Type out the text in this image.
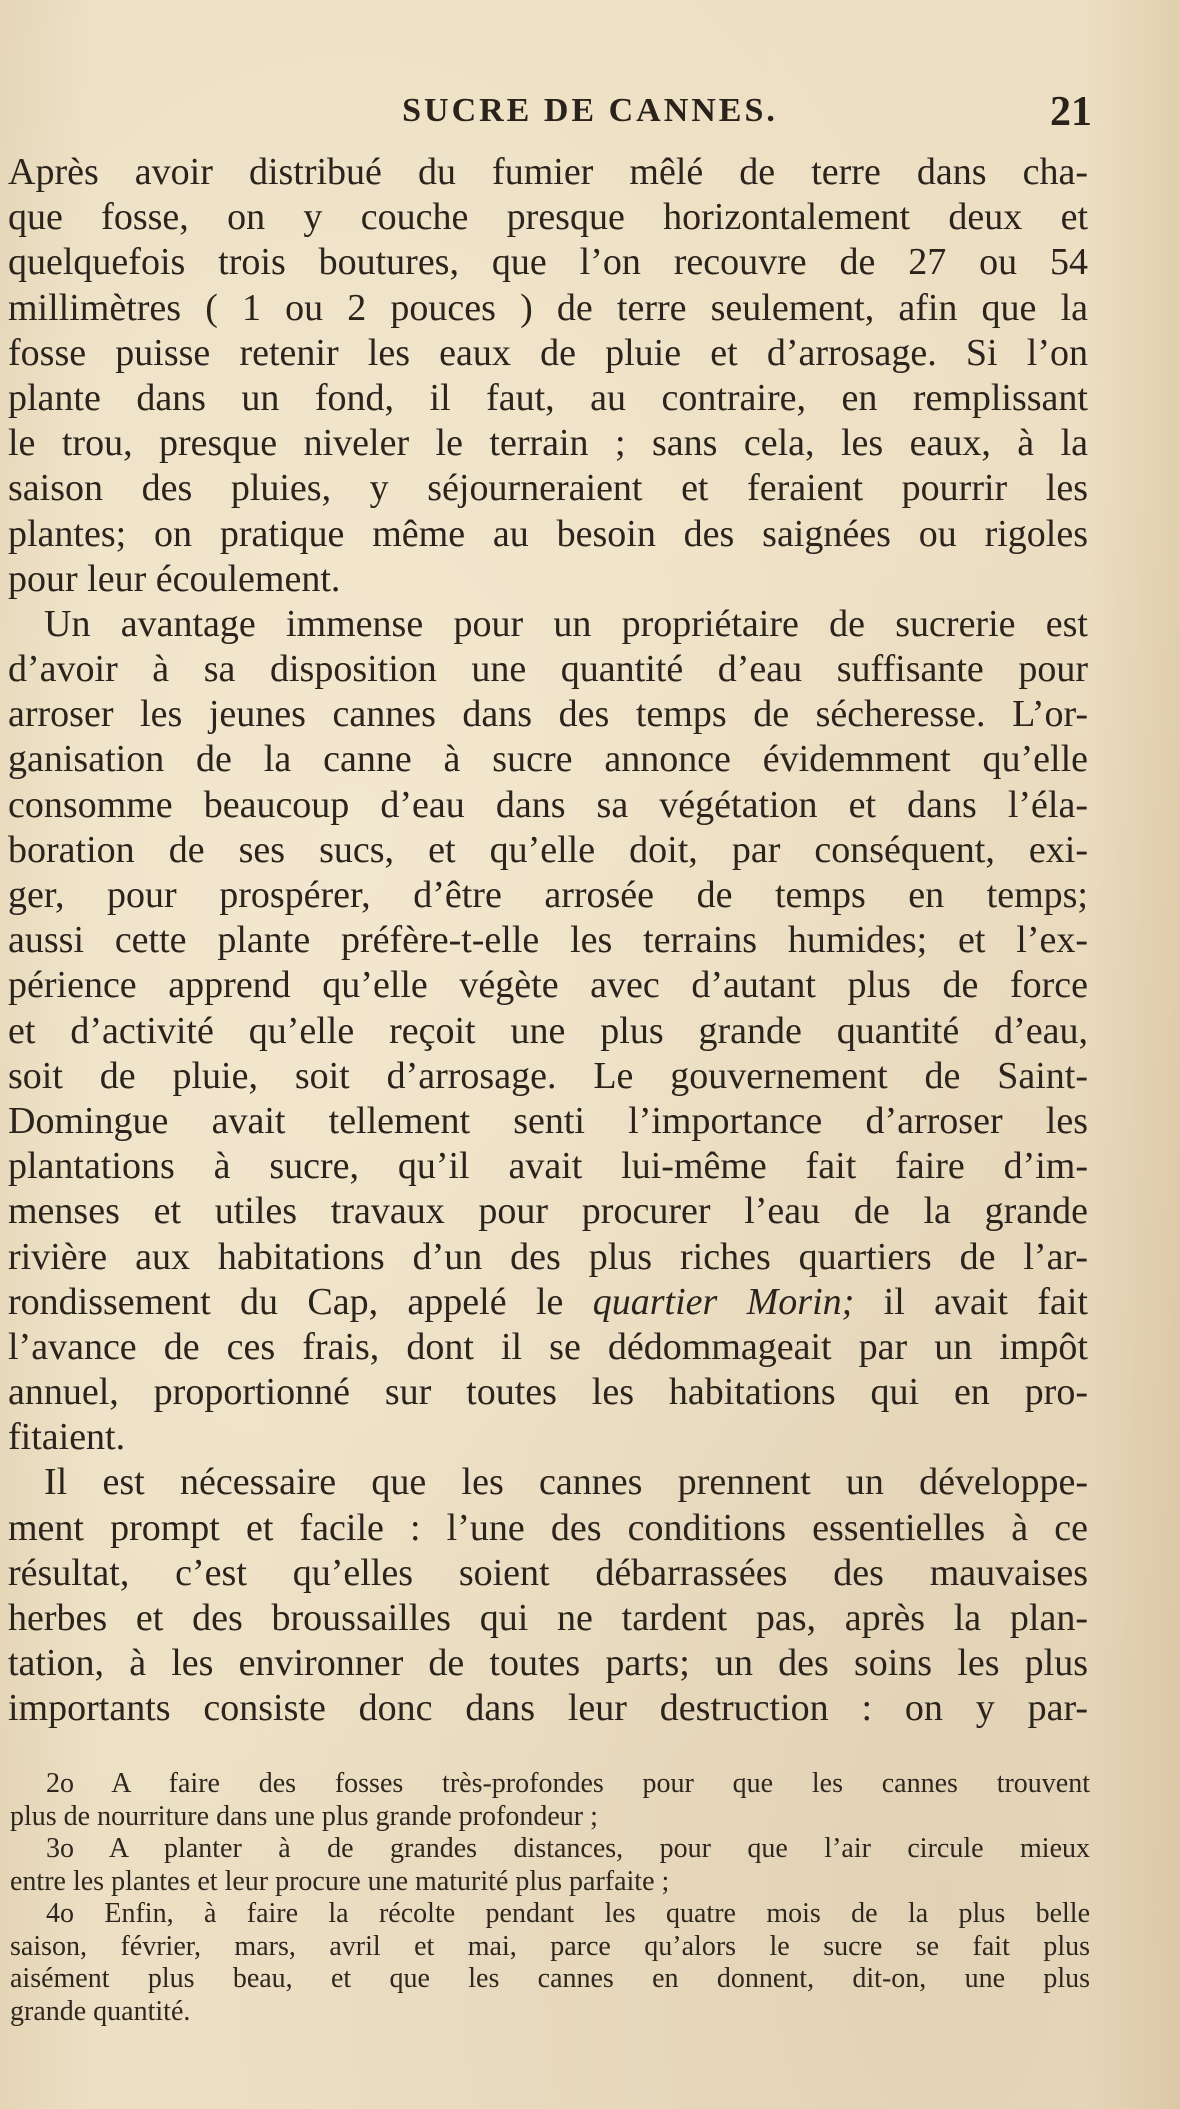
SUCRE DE CANNES.	21
Après avoir distribué du fumier mêlé de terre dans cha-
que fosse, on y couche presque horizontalement deux et
quelquefois trois boutures, que l’on recouvre de 27 ou 54
millimètres ( 1 ou 2 pouces ) de terre seulement, afin que la
fosse puisse retenir les eaux de pluie et d’arrosage. Si l’on
plante dans un fond, il faut, au contraire, en remplissant
le trou, presque niveler le terrain ; sans cela, les eaux, à la
saison des pluies, y séjourneraient et feraient pourrir les
plantes; on pratique même au besoin des saignées ou rigoles
pour leur écoulement.
Un avantage immense pour un propriétaire de sucrerie est
d’avoir à sa disposition une quantité d’eau suffisante pour
arroser les jeunes cannes dans des temps de sécheresse. L’or-
ganisation de la canne à sucre annonce évidemment qu’elle
consomme beaucoup d’eau dans sa végétation et dans l’éla-
boration de ses sucs, et qu’elle doit, par conséquent, exi-
ger, pour prospérer, d’être arrosée de temps en temps;
aussi cette plante préfère-t-elle les terrains humides; et l’ex-
périence apprend qu’elle végète avec d’autant plus de force
et d’activité qu’elle reçoit une plus grande quantité d’eau,
soit de pluie, soit d’arrosage. Le gouvernement de Saint-
Domingue avait tellement senti l’importance d’arroser les
plantations à sucre, qu’il avait lui-même fait faire d’im-
menses et utiles travaux pour procurer l’eau de la grande
rivière aux habitations d’un des plus riches quartiers de l’ar-
rondissement du Cap, appelé le quartier Morin; il avait fait
l’avance de ces frais, dont il se dédommageait par un impôt
annuel, proportionné sur toutes les habitations qui en pro-
fitaient.
Il est nécessaire que les cannes prennent un développe-
ment prompt et facile : l’une des conditions essentielles à ce
résultat, c’est qu’elles soient débarrassées des mauvaises
herbes et des broussailles qui ne tardent pas, après la plan-
tation, à les environner de toutes parts; un des soins les plus
importants consiste donc dans leur destruction : on y par-
2o A faire des fosses très-profondes pour que les cannes trouvent
plus de nourriture dans une plus grande profondeur ;
3o A planter à de grandes distances, pour que l’air circule mieux
entre les plantes et leur procure une maturité plus parfaite ;
4o Enfin, à faire la récolte pendant les quatre mois de la plus belle
saison, février, mars, avril et mai, parce qu’alors le sucre se fait plus
aisément plus beau, et que les cannes en donnent, dit-on, une plus
grande quantité.
